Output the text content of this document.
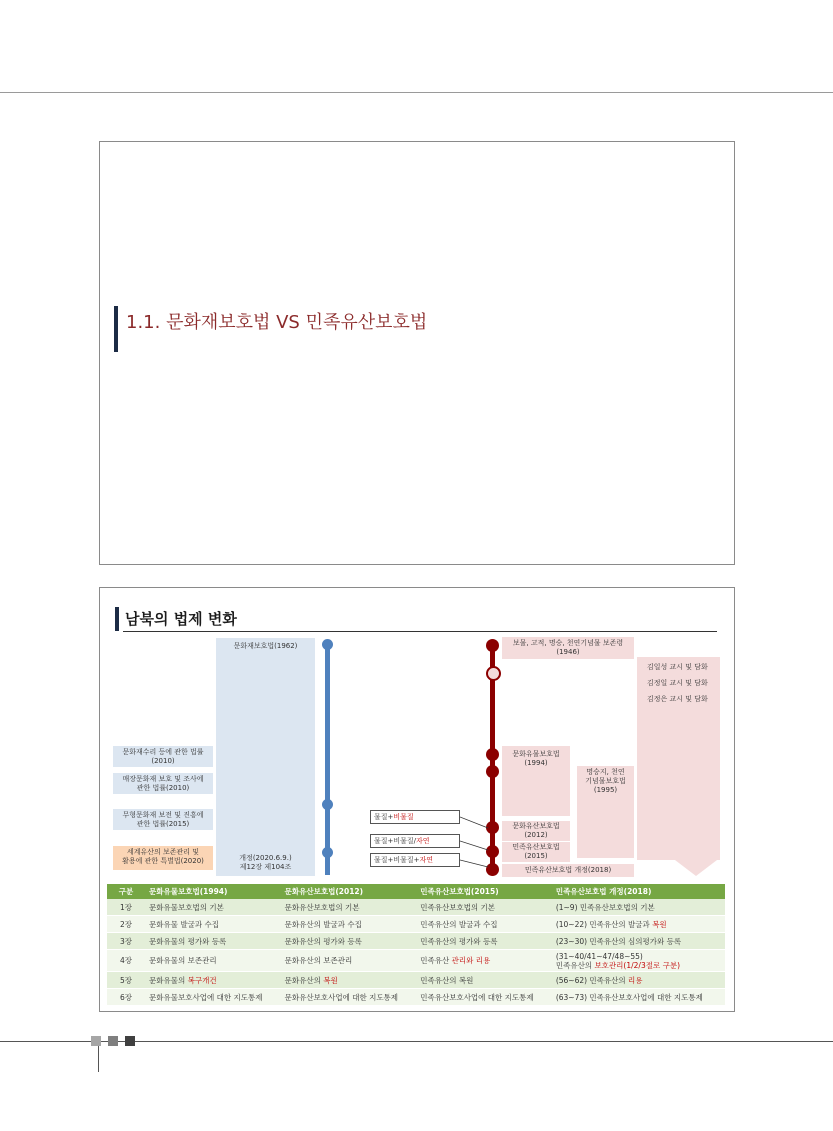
1.1. 문화재보호법 VS 민족유산보호법
남북의 법제 변화
문화재보호법(1962)
개정(2020.6.9.)
제12장 제104조
문화재수리 등에 관한 법률
(2010)
매장문화재 보호 및 조사에
관한 법률(2010)
무형문화재 보전 및 진흥에
관한 법률(2015)
세계유산의 보존관리 및
활용에 관한 특별법(2020)
보물, 고적, 명승, 천연기념물 보존령
(1946)
문화유물보호법
(1994)
명승지, 천연
기념물보호법
(1995)
문화유산보호법
(2012)
민족유산보호법
(2015)
민족유산보호법 개정(2018)
김일성 교시 및 담화
김정일 교시 및 담화
김정은 교시 및 담화
물질+비물질
물질+비물질/자연
물질+비물질+자연
구분	문화유물보호법(1994)	문화유산보호법(2012)	민족유산보호법(2015)	민족유산보호법 개정(2018)
1장	문화유물보호법의 기본	문화유산보호법의 기본	민족유산보호법의 기본	(1~9) 민족유산보호법의 기본
2장	문화유물 발굴과 수집	문화유산의 발굴과 수집	민족유산의 발굴과 수집	(10~22) 민족유산의 발굴과 복원
3장	문화유물의 평가와 등록	문화유산의 평가와 등록	민족유산의 평가와 등록	(23~30) 민족유산의 심의평가와 등록
4장	문화유물의 보존관리	문화유산의 보존관리	민족유산 관리와 리용	(31~40/41~47/48~55)
민족유산의 보호관리(1/2/3절로 구분)

5장	문화유물의 복구개건	문화유산의 복원	민족유산의 복원	(56~62) 민족유산의 리용
6장	문화유물보호사업에 대한 지도통제	문화유산보호사업에 대한 지도통제	민족유산보호사업에 대한 지도통제	(63~73) 민족유산보호사업에 대한 지도통제
